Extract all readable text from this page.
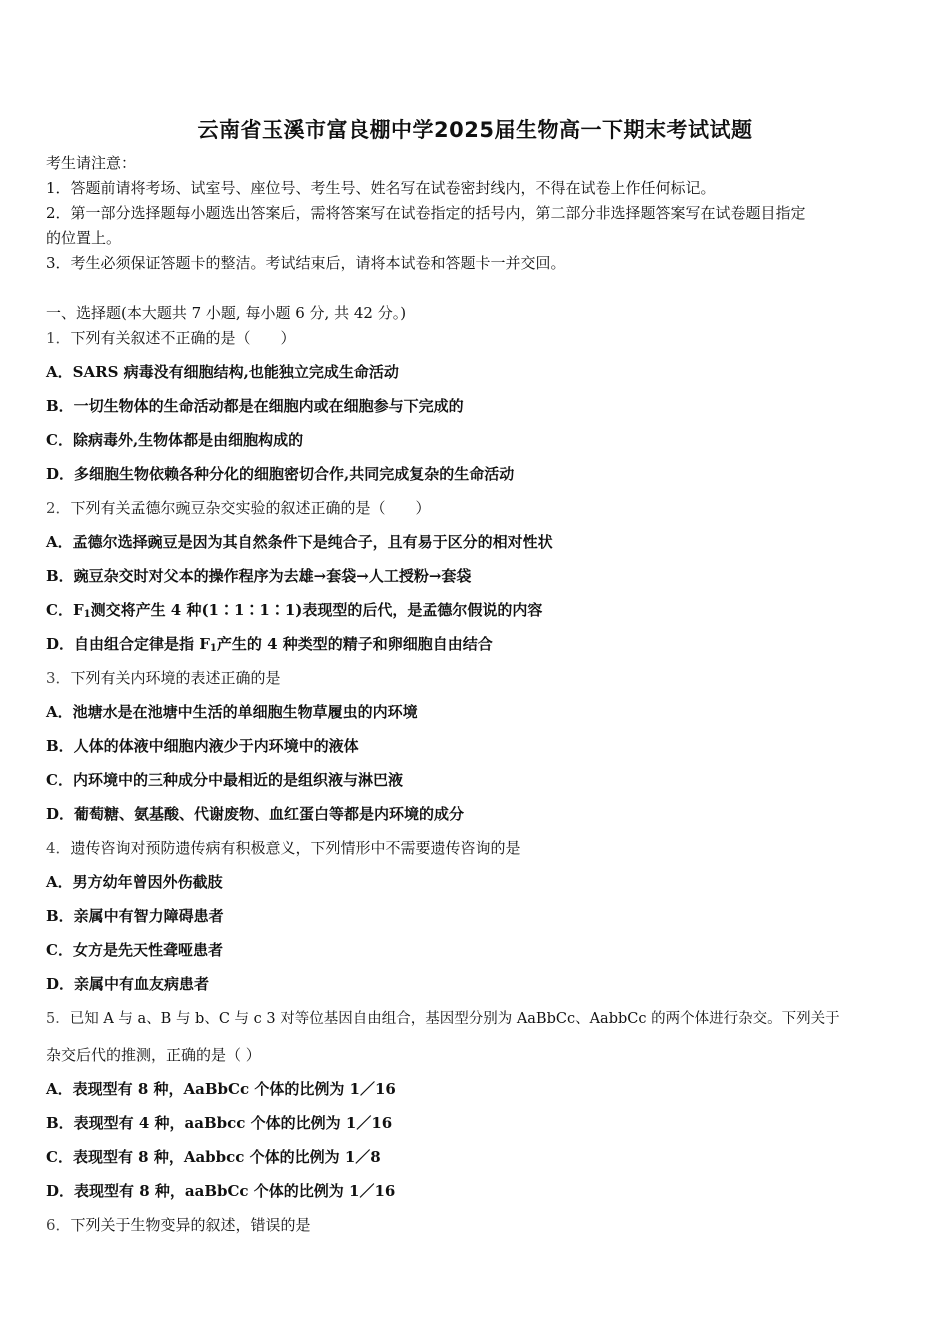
云南省玉溪市富良棚中学2025届生物高一下期末考试试题
考生请注意：
1．答题前请将考场、试室号、座位号、考生号、姓名写在试卷密封线内，不得在试卷上作任何标记。
2．第一部分选择题每小题选出答案后，需将答案写在试卷指定的括号内，第二部分非选择题答案写在试卷题目指定
的位置上。
3．考生必须保证答题卡的整洁。考试结束后，请将本试卷和答题卡一并交回。
一、选择题(本大题共 7 小题, 每小题 6 分, 共 42 分。)
1．下列有关叙述不正确的是（　　）
A．SARS 病毒没有细胞结构,也能独立完成生命活动
B．一切生物体的生命活动都是在细胞内或在细胞参与下完成的
C．除病毒外,生物体都是由细胞构成的
D．多细胞生物依赖各种分化的细胞密切合作,共同完成复杂的生命活动
2．下列有关孟德尔豌豆杂交实验的叙述正确的是（　　）
A．孟德尔选择豌豆是因为其自然条件下是纯合子，且有易于区分的相对性状
B．豌豆杂交时对父本的操作程序为去雄→套袋→人工授粉→套袋
C．$F_1$测交将产生 4 种(1∶1∶1∶1)表现型的后代，是孟德尔假说的内容
D．自由组合定律是指 $F_1$产生的 4 种类型的精子和卵细胞自由结合
3．下列有关内环境的表述正确的是
A．池塘水是在池塘中生活的单细胞生物草履虫的内环境
B．人体的体液中细胞内液少于内环境中的液体
C．内环境中的三种成分中最相近的是组织液与淋巴液
D．葡萄糖、氨基酸、代谢废物、血红蛋白等都是内环境的成分
4．遗传咨询对预防遗传病有积极意义，下列情形中不需要遗传咨询的是
A．男方幼年曾因外伤截肢
B．亲属中有智力障碍患者
C．女方是先天性聋哑患者
D．亲属中有血友病患者
5．已知 A 与 a、B 与 b、C 与 c 3 对等位基因自由组合，基因型分别为 AaBbCc、AabbCc 的两个体进行杂交。下列关于
杂交后代的推测，正确的是（ ）
A．表现型有 8 种，AaBbCc 个体的比例为 1／16
B．表现型有 4 种，aaBbcc 个体的比例为 1／16
C．表现型有 8 种，Aabbcc 个体的比例为 1／8
D．表现型有 8 种，aaBbCc 个体的比例为 1／16
6．下列关于生物变异的叙述，错误的是
